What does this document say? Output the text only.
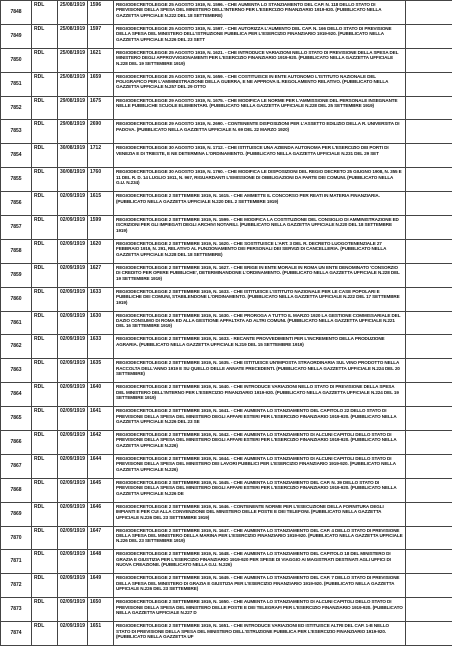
7848	RDL	25/08/1919	1596	REGIODECRETOLEGGE 25 AGOSTO 1919, N. 1596. - CHE AUMENTA LO STANZIAMENTO DEL CAP. N. 118 DELLO STATO DI PREVISIONE DELLA SPESA DEL MINISTERO DELL'INTERNO PER L'ESERCIZIO FINANZIARIO 1919-920. (PUBBLICATO NELLA GAZZETTA UFFICIALE N.222 DEL 18 SETTEMBRE)	
7849	RDL	25/08/1919	1597	REGIODECRETOLEGGE 25 AGOSTO 1919, N. 1597. - CHE AUTORIZZA L'AUMENTO DEL CAP. N. 166 DELLO STATO DI PREVISIONE DELLA SPESA DEL MINISTERO DELL'ISTRUZIONE PUBBLICA PER L'ESERCIZIO FINANZIARIO 1919-920. (PUBBLICATO NELLA GAZZETTA UFFICIALE N.226 DEL 23 SETT	
7850	RDL	25/08/1919	1621	REGIODECRETOLEGGE 25 AGOSTO 1919, N. 1621. - CHE INTRODUCE VARIAZIONI NELLO STATO DI PREVISIONE DELLA SPESA DEL MINISTERO DEGLI APPROVVIGIONAMENTI PER L'ESERCIZIO FINANZIARIO 1919-920. (PUBBLICATO NELLA GAZZETTA UFFICIALE N.228 DEL 19 SETTEMBRE 1919)	
7851	RDL	25/08/1919	1659	REGIODECRETOLEGGE 25 AGOSTO 1919, N. 1659. - CHE COSTITUISCE IN ENTE AUTONOMO L'ISTITUTO NAZIONALE DEL POLIGRAFICO PER L'AMMINISTRAZIONE DELLA GUERRA, E NE APPROVA IL REGOLAMENTO RELATIVO. (PUBBLICATO NELLA GAZZETTA UFFICIALE N.257 DEL 29 OTTO	
7852	RDL	29/08/1919	1675	REGIODECRETOLEGGE 29 AGOSTO 1919, N. 1675. - CHE MODIFICA LE NORME PER L'AMMISSIONE DEL PERSONALE INSEGNANTE NELLE PUBBLICHE SCUOLE ELEMENTARI. (PUBBLICATO NELLA GAZZETTA UFFICIALE N.228 DEL 25 SETTEMBRE 1919)	
7853	RDL	29/08/1919	2690	REGIODECRETOLEGGE 29 AGOSTO 1919, N. 2690. - CONTENENTE DISPOSIZIONI PER L'ASSETTO EDILIZIO DELLA R. UNIVERSITA DI PADOVA. (PUBBLICATO NELLA GAZZETTA UFFICIALE N. 69 DEL 22 MARZO 1920)	
7854	RDL	30/08/1919	1712	REGIODECRETOLEGGE 30 AGOSTO 1919, N. 1712. - CHE ISTITUISCE UNA AZIENDA AUTONOMA PER L'ESERCIZIO DEI PORTI DI VENEZIA E DI TRIESTE, E NE DETERMINA L'ORDINAMENTO. (PUBBLICATO NELLA GAZZETTA UFFICIALE N.231 DEL 29 SET	
7855	RDL	30/08/1919	1760	REGIODECRETOLEGGE 30 AGOSTO 1919, N. 1760. - CHE MODIFICA LE DISPOSIZIONI DEL REGIO DECRETO 25 GIUGNO 1908, N. 355 E 11 DEL R. D. 14 LUGLIO 1911, N. 967, RIGUARDANTI L'EMISSIONE DI OBBLIGAZIONI DA PARTE DEI COMUNI. (PUBBLICATO NELLA G.U. N.234)	
7856	RDL	02/09/1919	1615	REGIODECRETOLEGGE 2 SETTEMBRE 1919, N. 1615. - CHE AMMETTE IL CONCORSO PER REATI IN MATERIA FINANZIARIA. (PUBBLICATO NELLA GAZZETTA UFFICIALE N.220 DEL 2 SETTEMBRE 1919)	
7857	RDL	02/09/1919	1599	REGIODECRETOLEGGE 2 SETTEMBRE 1919, N. 1599. - CHE MODIFICA LA COSTITUZIONE DEL CONSIGLIO DI AMMINISTRAZIONE ED ISCRIZIONI PER GLI IMPIEGATI DEGLI ARCHIVI NOTARILI. (PUBBLICATO NELLA GAZZETTA UFFICIALE N.220 DEL 18 SETTEMBRE 1919)	
7858	RDL	02/09/1919	1620	REGIODECRETOLEGGE 2 SETTEMBRE 1919, N. 1620. - CHE SOSTITUISCE L'ART. 3 DEL R. DECRETO LUOGOTENENZIALE 27 FEBBRAIO 1919, N. 291, RELATIVO AL FUNZIONAMENTO DEI PERSONALI DEI SERVIZI DI CANCELLERIA. (PUBBLICATO NELLA GAZZETTA UFFICIALE N.228 DEL 18 SETTEMBRE)	
7859	RDL	02/09/1919	1627	REGIODECRETOLEGGE 2 SETTEMBRE 1919, N. 1627. - CHE ERIGE IN ENTE MORALE IN ROMA UN ENTE DENOMINATO 'CONSORZIO DI CREDITO PER OPERE PUBBLICHE', DETERMINANDONE L'ORDINAMENTO. (PUBBLICATO NELLA GAZZETTA UFFICIALE N.228 DEL 19 SETTEMBRE 1919)	
7860	RDL	02/09/1919	1633	REGIODECRETOLEGGE 2 SETTEMBRE 1919, N. 1633. - CHE ISTITUISCE L'ISTITUTO NAZIONALE PER LE CASE POPOLARI E PUBBLICHE DEI COMUNI, STABILENDONE L'ORDINAMENTO. (PUBBLICATO NELLA GAZZETTA UFFICIALE N.222 DEL 17 SETTEMBRE 1919)	
7861	RDL	02/09/1919	1630	REGIODECRETOLEGGE 2 SETTEMBRE 1919, N. 1630. - CHE PROROGA A TUTTO IL MARZO 1920 LA GESTIONE COMMISSARIALE DEL DAZIO CONSUMO DI ROMA ED ALLA GESTIONE APPALTATA AD ALTRI COMUNI. (PUBBLICATO NELLA GAZZETTA UFFICIALE N.221 DEL 16 SETTEMBRE 1919)	
7862	RDL	02/09/1919	1633	REGIODECRETOLEGGE 2 SETTEMBRE 1919, N. 1633. - RECANTE PROVVEDIMENTI PER L'INCREMENTO DELLA PRODUZIONE AGRARIA. (PUBBLICATO NELLA GAZZETTA UFFICIALE N.219 DEL 15 SETTEMBRE 1919)	
7863	RDL	02/09/1919	1635	REGIODECRETOLEGGE 2 SETTEMBRE 1919, N. 1635. - CHE ISTITUISCE UN'IMPOSTA STRAORDINARIA SUL VINO PRODOTTO NELLA RACCOLTA DELL'ANNO 1919 E SU QUELLO DELLE ANNATE PRECEDENTI. (PUBBLICATO NELLA GAZZETTA UFFICIALE N.224 DEL 20 SETTEMBRE)	
7864	RDL	02/09/1919	1640	REGIODECRETOLEGGE 2 SETTEMBRE 1919, N. 1640. - CHE INTRODUCE VARIAZIONI NELLO STATO DI PREVISIONE DELLA SPESA DEL MINISTERO DELL'INTERNO PER L'ESERCIZIO FINANZIARIO 1919-920. (PUBBLICATO NELLA GAZZETTA UFFICIALE N.224 DEL 19 SETTEMBRE 1919)	
7865	RDL	02/09/1919	1641	REGIODECRETOLEGGE 2 SETTEMBRE 1919, N. 1641. - CHE AUMENTA LO STANZIAMENTO DEL CAPITOLO 22 DELLO STATO DI PREVISIONE DELLA SPESA DEL MINISTERO DEGLI AFFARI ESTERI PER L'ESERCIZIO FINANZIARIO 1919-920. (PUBBLICATO NELLA GAZZETTA UFFICIALE N.226 DEL 23 SE	
7866	RDL	02/09/1919	1642	REGIODECRETOLEGGE 2 SETTEMBRE 1919, N. 1642. - CHE AUMENTA LO STANZIAMENTO DI ALCUNI CAPITOLI DELLO STATO DI PREVISIONE DELLA SPESA DEL MINISTERO DEGLI AFFARI ESTERI PER L'ESERCIZIO FINANZIARIO 1919-920. (PUBBLICATO NELLA GAZZETTA UFFICIALE N.226)	
7867	RDL	02/09/1919	1644	REGIODECRETOLEGGE 2 SETTEMBRE 1919, N. 1644. - CHE AUMENTA LO STANZIAMENTO DI ALCUNI CAPITOLI DELLO STATO DI PREVISIONE DELLA SPESA DEL MINISTERO DEI LAVORI PUBBLICI PER L'ESERCIZIO FINANZIARIO 1919-920. (PUBBLICATO NELLA GAZZETTA UFFICIALE N.226)	
7868	RDL	02/09/1919	1645	REGIODECRETOLEGGE 2 SETTEMBRE 1919, N. 1645. - CHE AUMENTA LO STANZIAMENTO DEL CAP. N. 39 DELLO STATO DI PREVISIONE DELLA SPESA DEL MINISTERO DEGLI AFFARI ESTERI PER L'ESERCIZIO FINANZIARIO 1919-920. (PUBBLICATO NELLA GAZZETTA UFFICIALE N.226 DE	
7869	RDL	02/09/1919	1646	REGIODECRETOLEGGE 2 SETTEMBRE 1919, N. 1646. - CONTENENTE NORME PER L'ESECUZIONE DELLA FORNITURA DEGLI IMPIANTI E PER CUI ALLA CONVENZIONE DEL MINISTERO DELLE POSTE E DEI TELEFONI. (PUBBLICATO NELLA GAZZETTA UFFICIALE N.226 DEL 23 SETTEMBRE 1919)	
7870	RDL	02/09/1919	1647	REGIODECRETOLEGGE 2 SETTEMBRE 1919, N. 1647. - CHE AUMENTA LO STANZIAMENTO DEL CAP. 4 DELLO STATO DI PREVISIONE DELLA SPESA DEL MINISTERO DELLA MARINA PER L'ESERCIZIO FINANZIARIO 1919-920. (PUBBLICATO NELLA GAZZETTA UFFICIALE N.226 DEL 23 SETTEMBRE 1919)	
7871	RDL	02/09/1919	1648	REGIODECRETOLEGGE 2 SETTEMBRE 1919, N. 1648. - CHE AUMENTA LO STANZIAMENTO DEL CAPITOLO 18 DEL MINISTERO DI GRAZIA E GIUSTIZIA PER L'ESERCIZIO FINANZIARIO 1919-920 PER SPESE DI VIAGGIO AI MAGISTRATI DESTINATI AGLI UFFICI DI NUOVA CREAZIONE. (PUBBLICATO NELLA G.U. N.226)	
7872	RDL	02/09/1919	1649	REGIODECRETOLEGGE 2 SETTEMBRE 1919, N. 1649. - CHE AUMENTA LO STANZIAMENTO DEL CAP. 7 DELLO STATO DI PREVISIONE DELLA SPESA DEL MINISTERO DI GRAZIA E GIUSTIZIA PER L'ESERCIZIO FINANZIARIO 1919-920. (PUBBLICATO NELLA GAZZETTA UFFICIALE N.226 DEL 23 SETTEMBRE)	
7873	RDL	02/09/1919	1650	REGIODECRETOLEGGE 2 SETTEMBRE 1919, N. 1650. - CHE AUMENTA LO STANZIAMENTO DI ALCUNI CAPITOLI DELLO STATO DI PREVISIONE DELLA SPESA DEL MINISTERO DELLE POSTE E DEI TELEGRAFI PER L'ESERCIZIO FINANZIARIO 1919-920. (PUBBLICATO NELLA GAZZETTA UFFICIALE N.227 D	
7874	RDL	02/09/1919	1651	REGIODECRETOLEGGE 2 SETTEMBRE 1919, N. 1651. - CHE INTRODUCE VARIAZIONI ED ISTITUISCE ALTRI DEL CAP. 1-B NELLO STATO DI PREVISIONE DELLA SPESA DEL MINISTERO DELL'ISTRUZIONE PUBBLICA PER L'ESERCIZIO FINANZIARIO 1919-920. (PUBBLICATO NELLA GAZZETTA UF	
